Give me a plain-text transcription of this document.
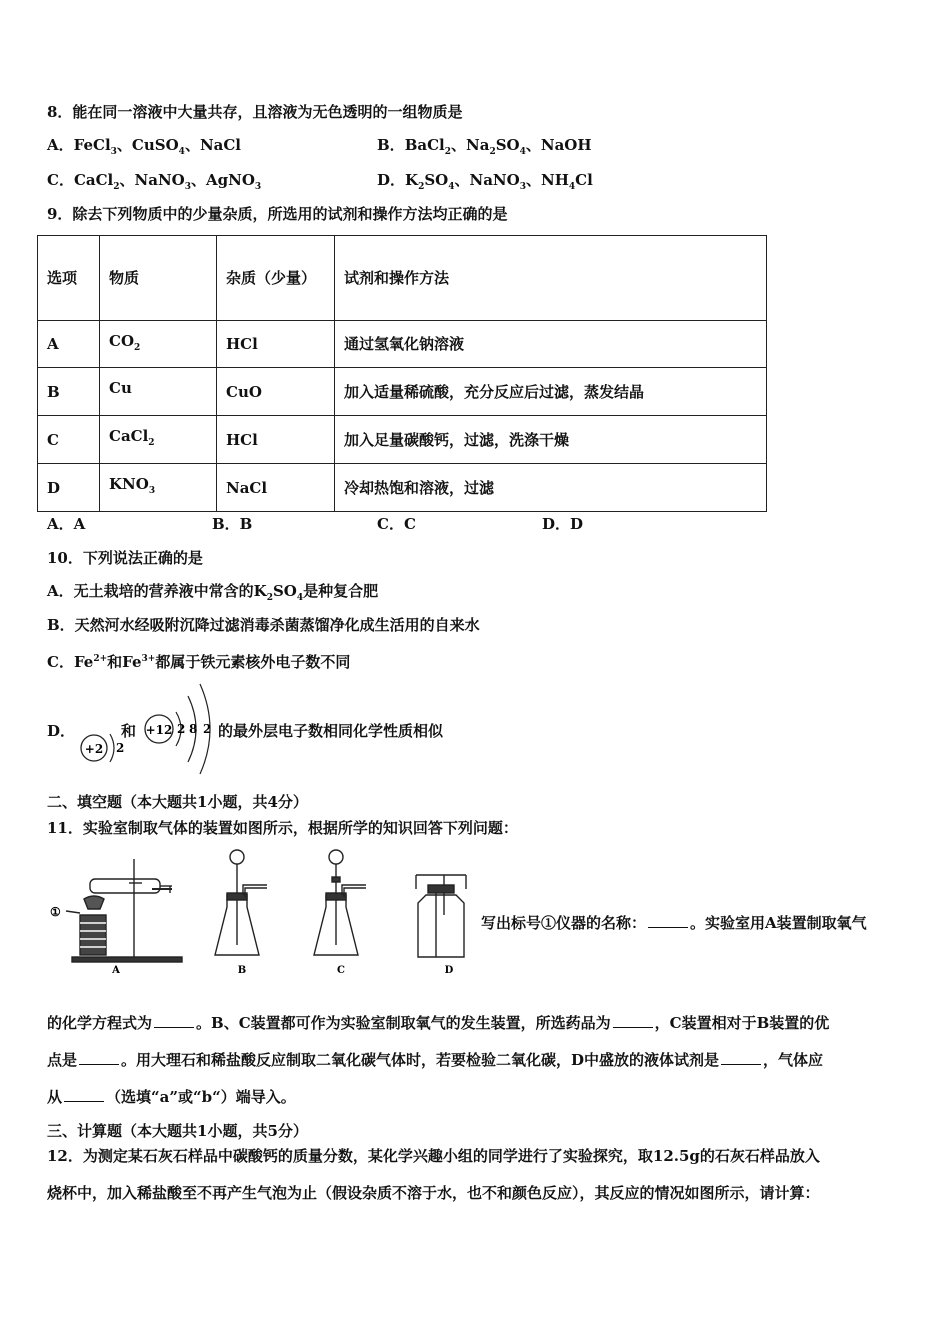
8．能在同一溶液中大量共存，且溶液为无色透明的一组物质是
A．FeCl$_3$、CuSO$_4$、NaCl	B．BaCl$_2$、$Na_2SO_4$、NaOH
C．CaCl$_2$、NaNO$_3$、AgNO$_3$	D．$K_2SO_4$、NaNO$_3$、$NH_4Cl$
9．除去下列物质中的少量杂质，所选用的试剂和操作方法均正确的是
选项	物质	杂质（少量）	试剂和操作方法
A	$CO_2$	HCl	通过氢氧化钠溶液
B	Cu	CuO	加入适量稀硫酸，充分反应后过滤，蒸发结晶
C	CaCl$_2$	HCl	加入足量碳酸钙，过滤，洗涤干燥
D	$KNO_3$	NaCl	冷却热饱和溶液，过滤
A．A	B．B	C．C	D．D
10．下列说法正确的是
A．无土栽培的营养液中常含的$K_2SO_4$是种复合肥
B．天然河水经吸附沉降过滤消毒杀菌蒸馏净化成生活用的自来水
C．$Fe^{2+}$和$Fe^{3+}$都属于铁元素核外电子数不同
D．
+2 2
和 +12 2 8 2 的最外层电子数相同化学性质相似
二、填空题（本大题共1小题，共4分）
11．实验室制取气体的装置如图所示，根据所学的知识回答下列问题：
①
A	B	C	D
写出标号①仪器的名称：	。实验室用A装置制取氧气
的化学方程式为	。B、C装置都可作为实验室制取氧气的发生装置，所选药品为	，C装置相对于B装置的优
点是	。用大理石和稀盐酸反应制取二氧化碳气体时，若要检验二氧化碳，D中盛放的液体试剂是	，气体应
从	（选填“a”或“b“）端导入。
三、计算题（本大题共1小题，共5分）
12．为测定某石灰石样品中碳酸钙的质量分数，某化学兴趣小组的同学进行了实验探究，取12.5g的石灰石样品放入
烧杯中，加入稀盐酸至不再产生气泡为止（假设杂质不溶于水，也不和颜色反应），其反应的情况如图所示，请计算：
